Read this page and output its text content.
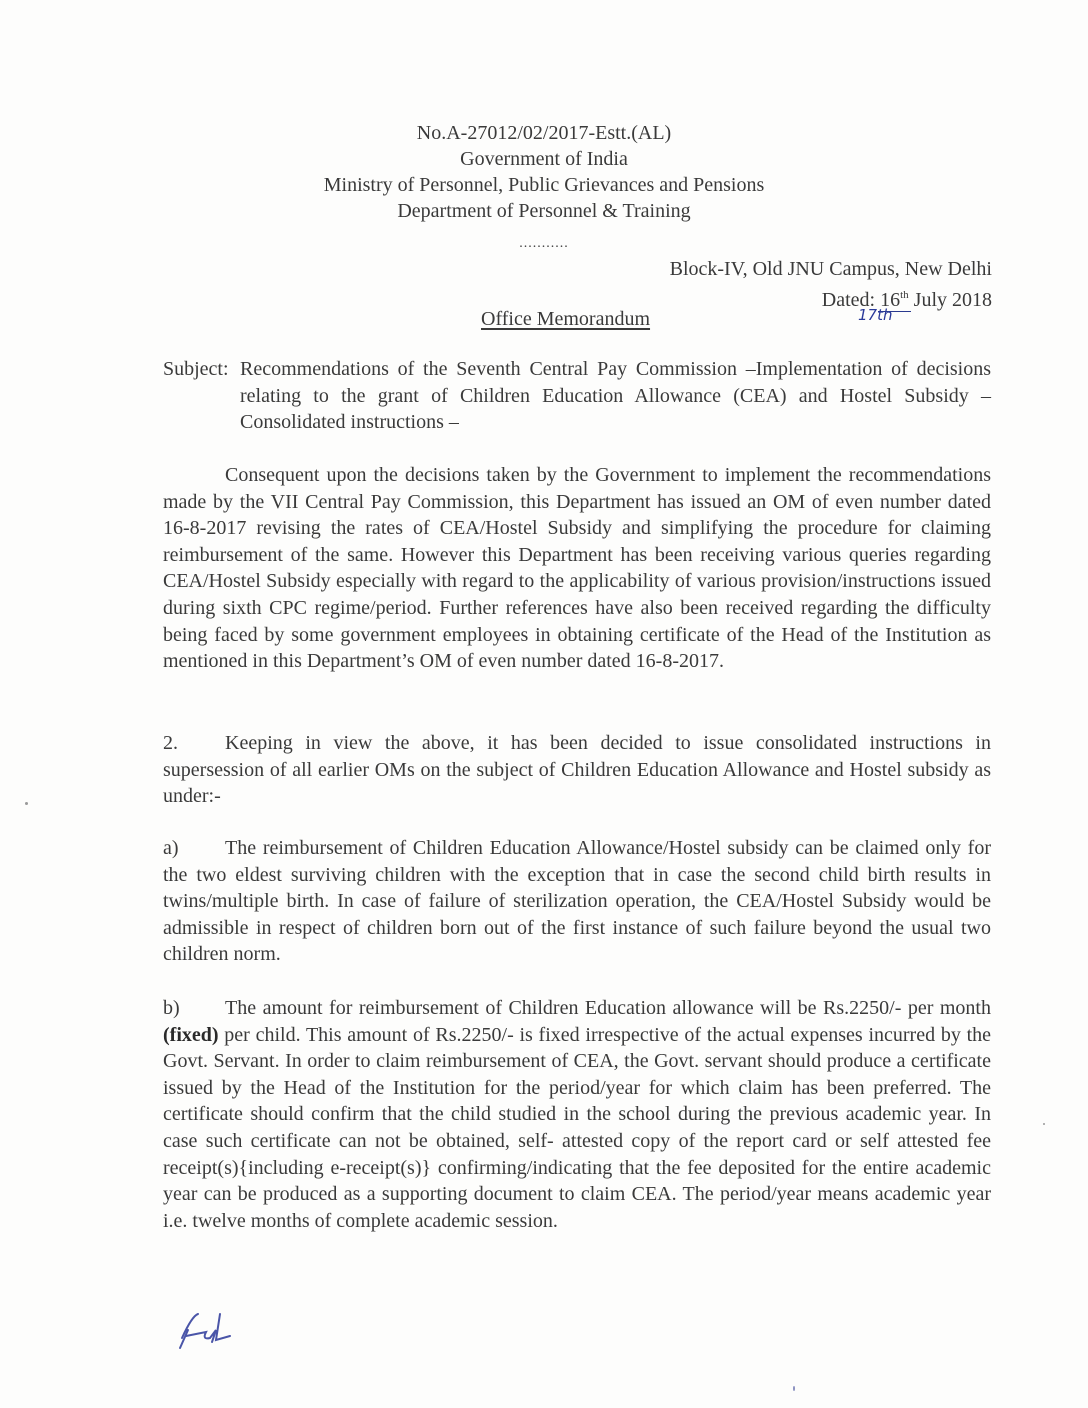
No.A-27012/02/2017-Estt.(AL)
Government of India
Ministry of Personnel, Public Grievances and Pensions
Department of Personnel & Training
...........
Block-IV, Old JNU Campus, New Delhi
Dated: 16th July 2018
17th
Office Memorandum
Subject: Recommendations of the Seventh Central Pay Commission –Implementation of decisions relating to the grant of Children Education Allowance (CEA) and Hostel Subsidy – Consolidated instructions –
Consequent upon the decisions taken by the Government to implement the recommendations made by the VII Central Pay Commission, this Department has issued an OM of even number dated 16-8-2017 revising the rates of CEA/Hostel Subsidy and simplifying the procedure for claiming reimbursement of the same. However this Department has been receiving various queries regarding CEA/Hostel Subsidy especially with regard to the applicability of various provision/instructions issued during sixth CPC regime/period. Further references have also been received regarding the difficulty being faced by some government employees in obtaining certificate of the Head of the Institution as mentioned in this Department’s OM of even number dated 16-8-2017.
2. Keeping in view the above, it has been decided to issue consolidated instructions in supersession of all earlier OMs on the subject of Children Education Allowance and Hostel subsidy as under:-
a) The reimbursement of Children Education Allowance/Hostel subsidy can be claimed only for the two eldest surviving children with the exception that in case the second child birth results in twins/multiple birth. In case of failure of sterilization operation, the CEA/Hostel Subsidy would be admissible in respect of children born out of the first instance of such failure beyond the usual two children norm.
b) The amount for reimbursement of Children Education allowance will be Rs.2250/- per month (fixed) per child. This amount of Rs.2250/- is fixed irrespective of the actual expenses incurred by the Govt. Servant. In order to claim reimbursement of CEA, the Govt. servant should produce a certificate issued by the Head of the Institution for the period/year for which claim has been preferred. The certificate should confirm that the child studied in the school during the previous academic year. In case such certificate can not be obtained, self- attested copy of the report card or self attested fee receipt(s){including e-receipt(s)} confirming/indicating that the fee deposited for the entire academic year can be produced as a supporting document to claim CEA. The period/year means academic year i.e. twelve months of complete academic session.
